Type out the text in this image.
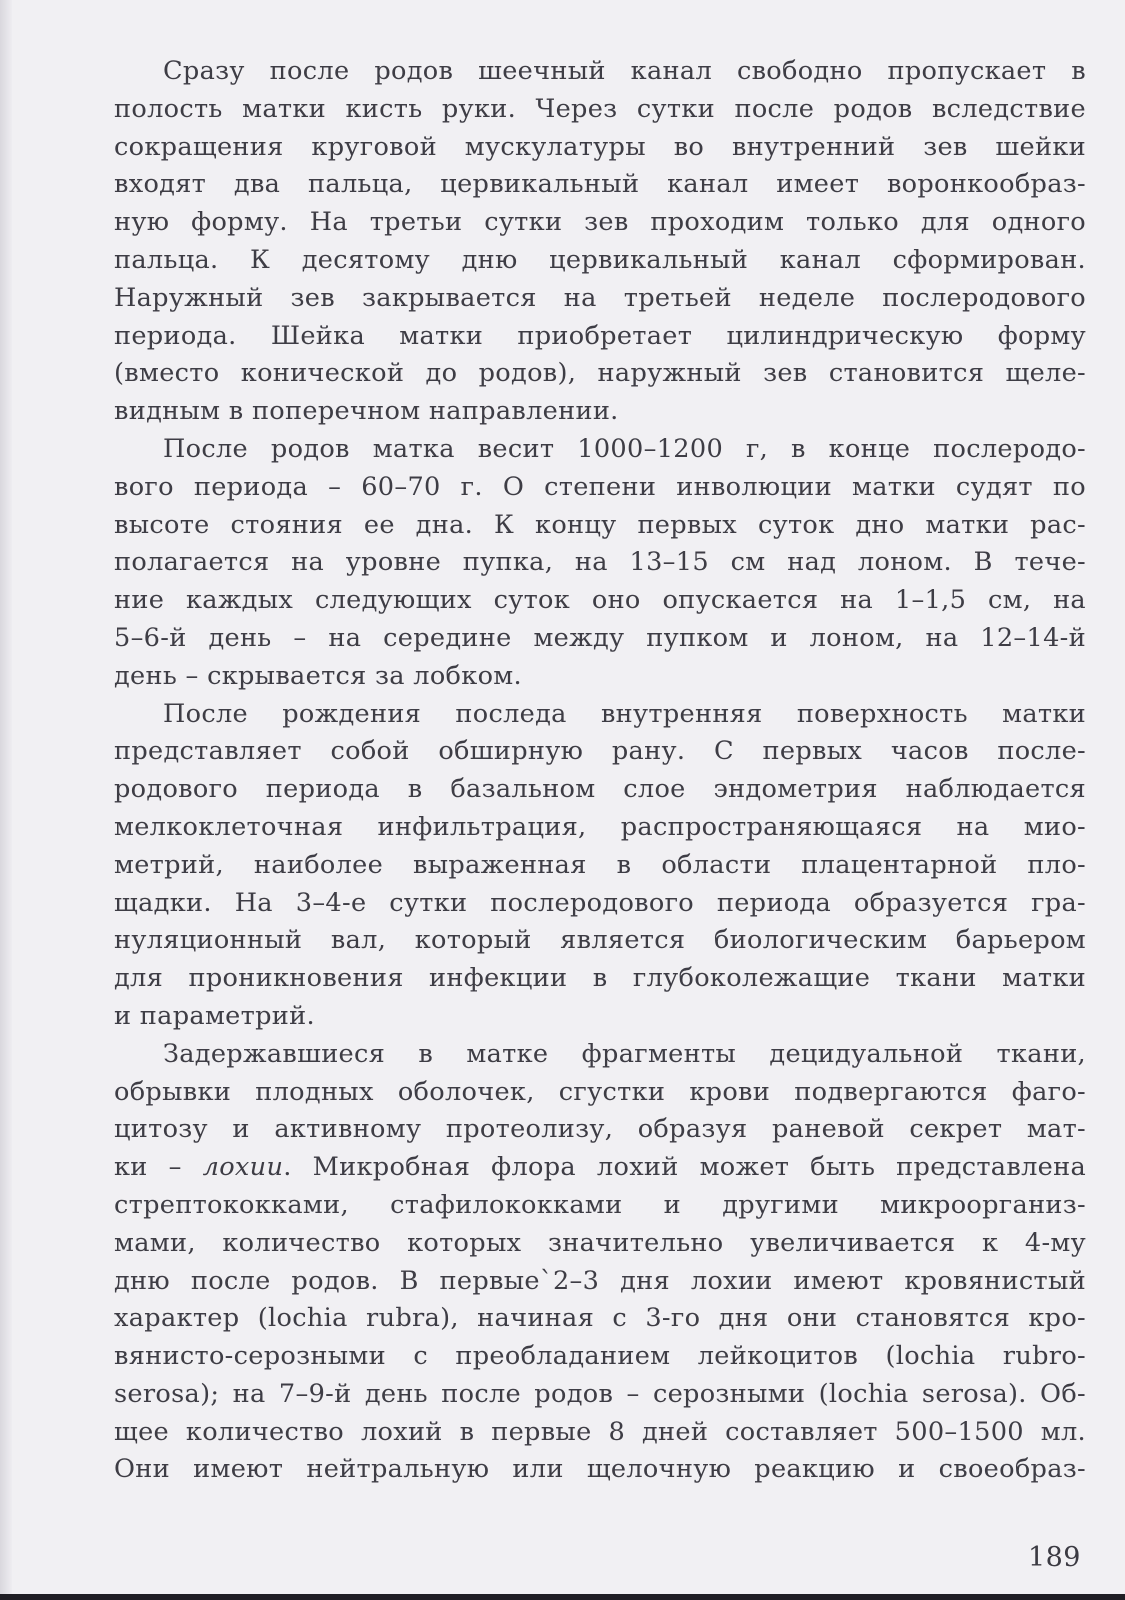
Сразу после родов шеечный канал свободно пропускает в
полость матки кисть руки. Через сутки после родов вследствие
сокращения круговой мускулатуры во внутренний зев шейки
входят два пальца, цервикальный канал имеет воронкообраз-
ную форму. На третьи сутки зев проходим только для одного
пальца. К десятому дню цервикальный канал сформирован.
Наружный зев закрывается на третьей неделе послеродового
периода. Шейка матки приобретает цилиндрическую форму
(вместо конической до родов), наружный зев становится щеле-
видным в поперечном направлении.

После родов матка весит 1000–1200 г, в конце послеродо-
вого периода – 60–70 г. О степени инволюции матки судят по
высоте стояния ее дна. К концу первых суток дно матки рас-
полагается на уровне пупка, на 13–15 см над лоном. В тече-
ние каждых следующих суток оно опускается на 1–1,5 см, на
5–6-й день – на середине между пупком и лоном, на 12–14-й
день – скрывается за лобком.

После рождения последа внутренняя поверхность матки
представляет собой обширную рану. С первых часов после-
родового периода в базальном слое эндометрия наблюдается
мелкоклеточная инфильтрация, распространяющаяся на мио-
метрий, наиболее выраженная в области плацентарной пло-
щадки. На 3–4-е сутки послеродового периода образуется гра-
нуляционный вал, который является биологическим барьером
для проникновения инфекции в глубоколежащие ткани матки
и параметрий.

Задержавшиеся в матке фрагменты децидуальной ткани,
обрывки плодных оболочек, сгустки крови подвергаются фаго-
цитозу и активному протеолизу, образуя раневой секрет мат-
ки – лохии. Микробная флора лохий может быть представлена
стрептококками, стафилококками и другими микроорганиз-
мами, количество которых значительно увеличивается к 4-му
дню после родов. В первые`2–3 дня лохии имеют кровянистый
характер (lochia rubra), начиная с 3-го дня они становятся кро-
вянисто-серозными с преобладанием лейкоцитов (lochia rubro-
serosa); на 7–9-й день после родов – серозными (lochia serosa). Об-
щее количество лохий в первые 8 дней составляет 500–1500 мл.
Они имеют нейтральную или щелочную реакцию и своеобраз-

189
